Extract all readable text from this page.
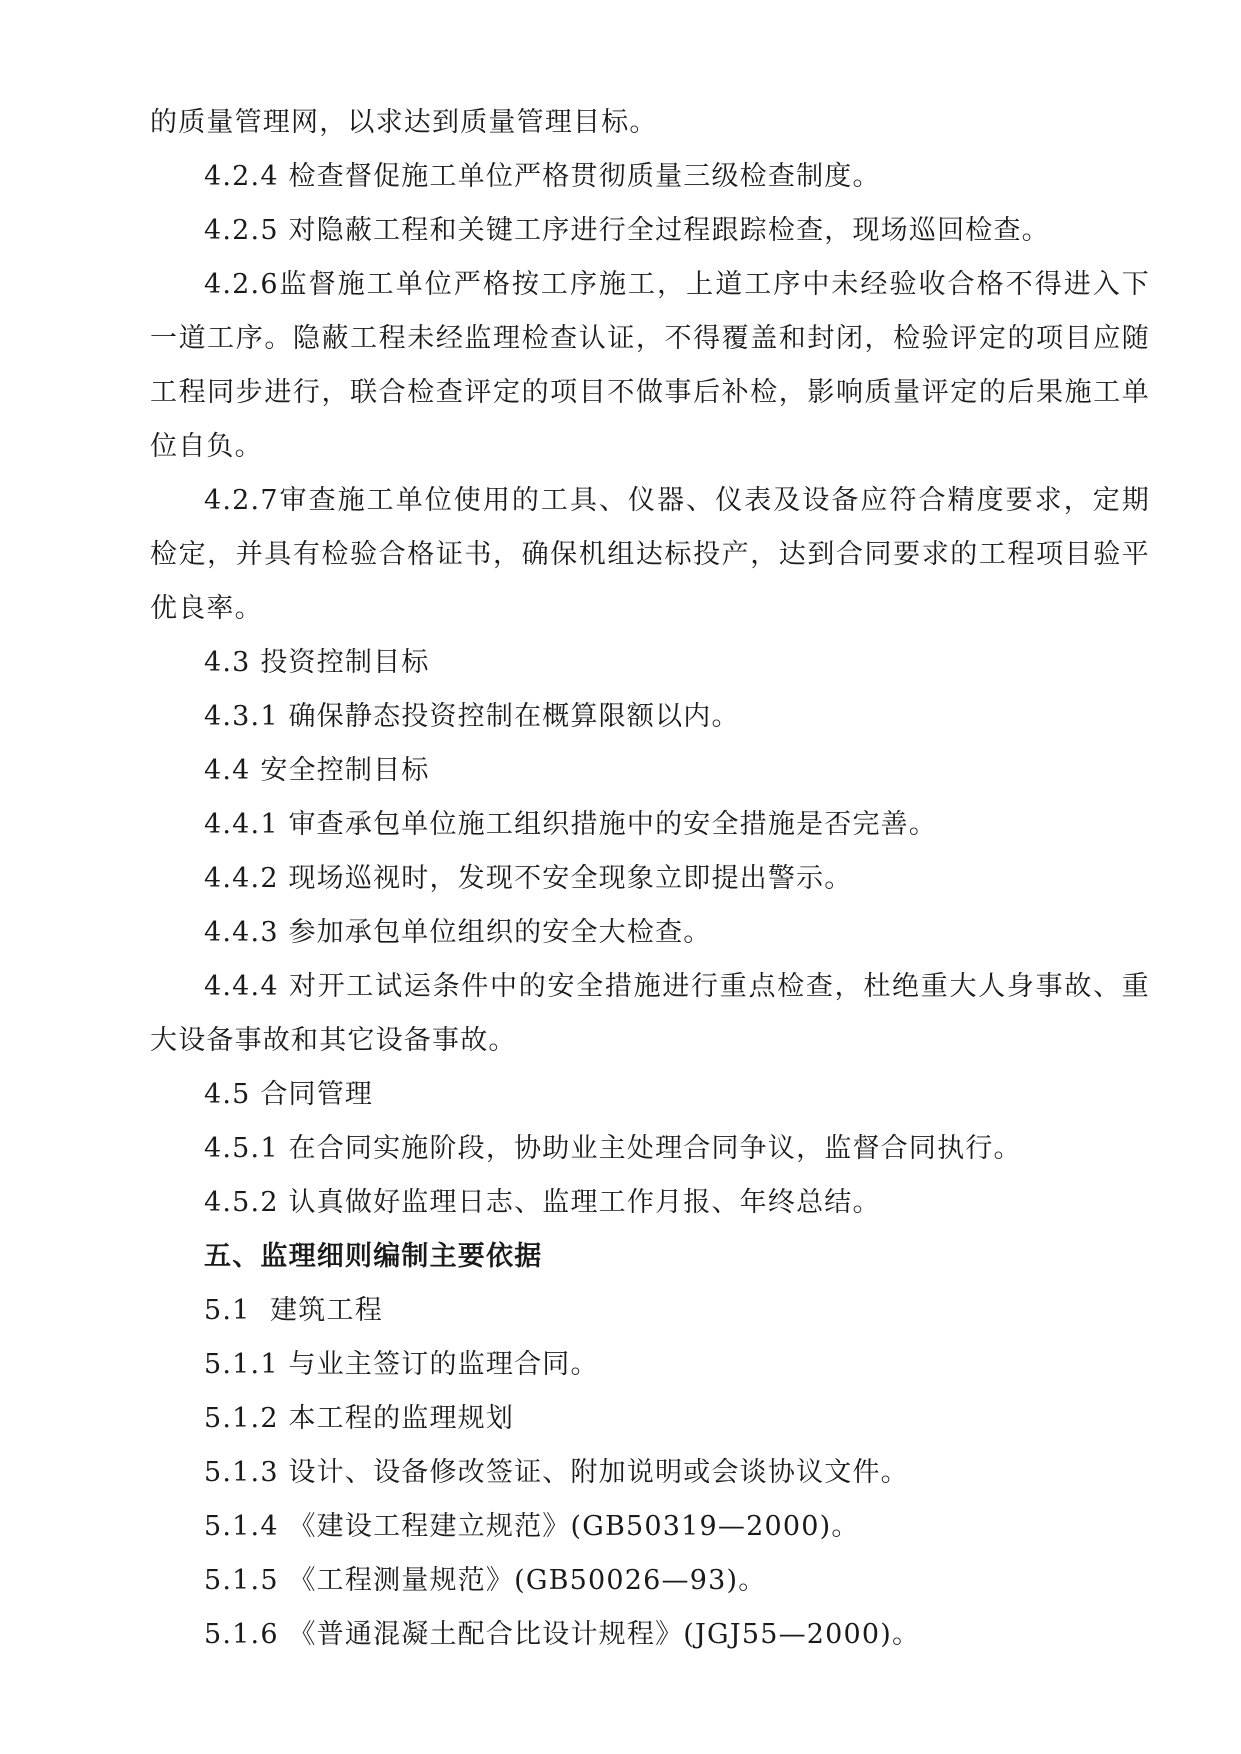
的质量管理网，以求达到质量管理目标。

4.2.4 检查督促施工单位严格贯彻质量三级检查制度。

4.2.5 对隐蔽工程和关键工序进行全过程跟踪检查，现场巡回检查。

4.2.6监督施工单位严格按工序施工，上道工序中未经验收合格不得进入下一道工序。隐蔽工程未经监理检查认证，不得覆盖和封闭，检验评定的项目应随工程同步进行，联合检查评定的项目不做事后补检，影响质量评定的后果施工单位自负。

4.2.7审查施工单位使用的工具、仪器、仪表及设备应符合精度要求，定期检定，并具有检验合格证书，确保机组达标投产，达到合同要求的工程项目验平优良率。

4.3 投资控制目标

4.3.1 确保静态投资控制在概算限额以内。

4.4 安全控制目标

4.4.1 审查承包单位施工组织措施中的安全措施是否完善。

4.4.2 现场巡视时，发现不安全现象立即提出警示。

4.4.3 参加承包单位组织的安全大检查。

4.4.4 对开工试运条件中的安全措施进行重点检查，杜绝重大人身事故、重大设备事故和其它设备事故。

4.5 合同管理

4.5.1 在合同实施阶段，协助业主处理合同争议，监督合同执行。

4.5.2 认真做好监理日志、监理工作月报、年终总结。

五、监理细则编制主要依据

5.1  建筑工程

5.1.1 与业主签订的监理合同。

5.1.2 本工程的监理规划

5.1.3 设计、设备修改签证、附加说明或会谈协议文件。

5.1.4 《建设工程建立规范》(GB50319—2000)。

5.1.5 《工程测量规范》(GB50026—93)。

5.1.6 《普通混凝土配合比设计规程》(JGJ55—2000)。
